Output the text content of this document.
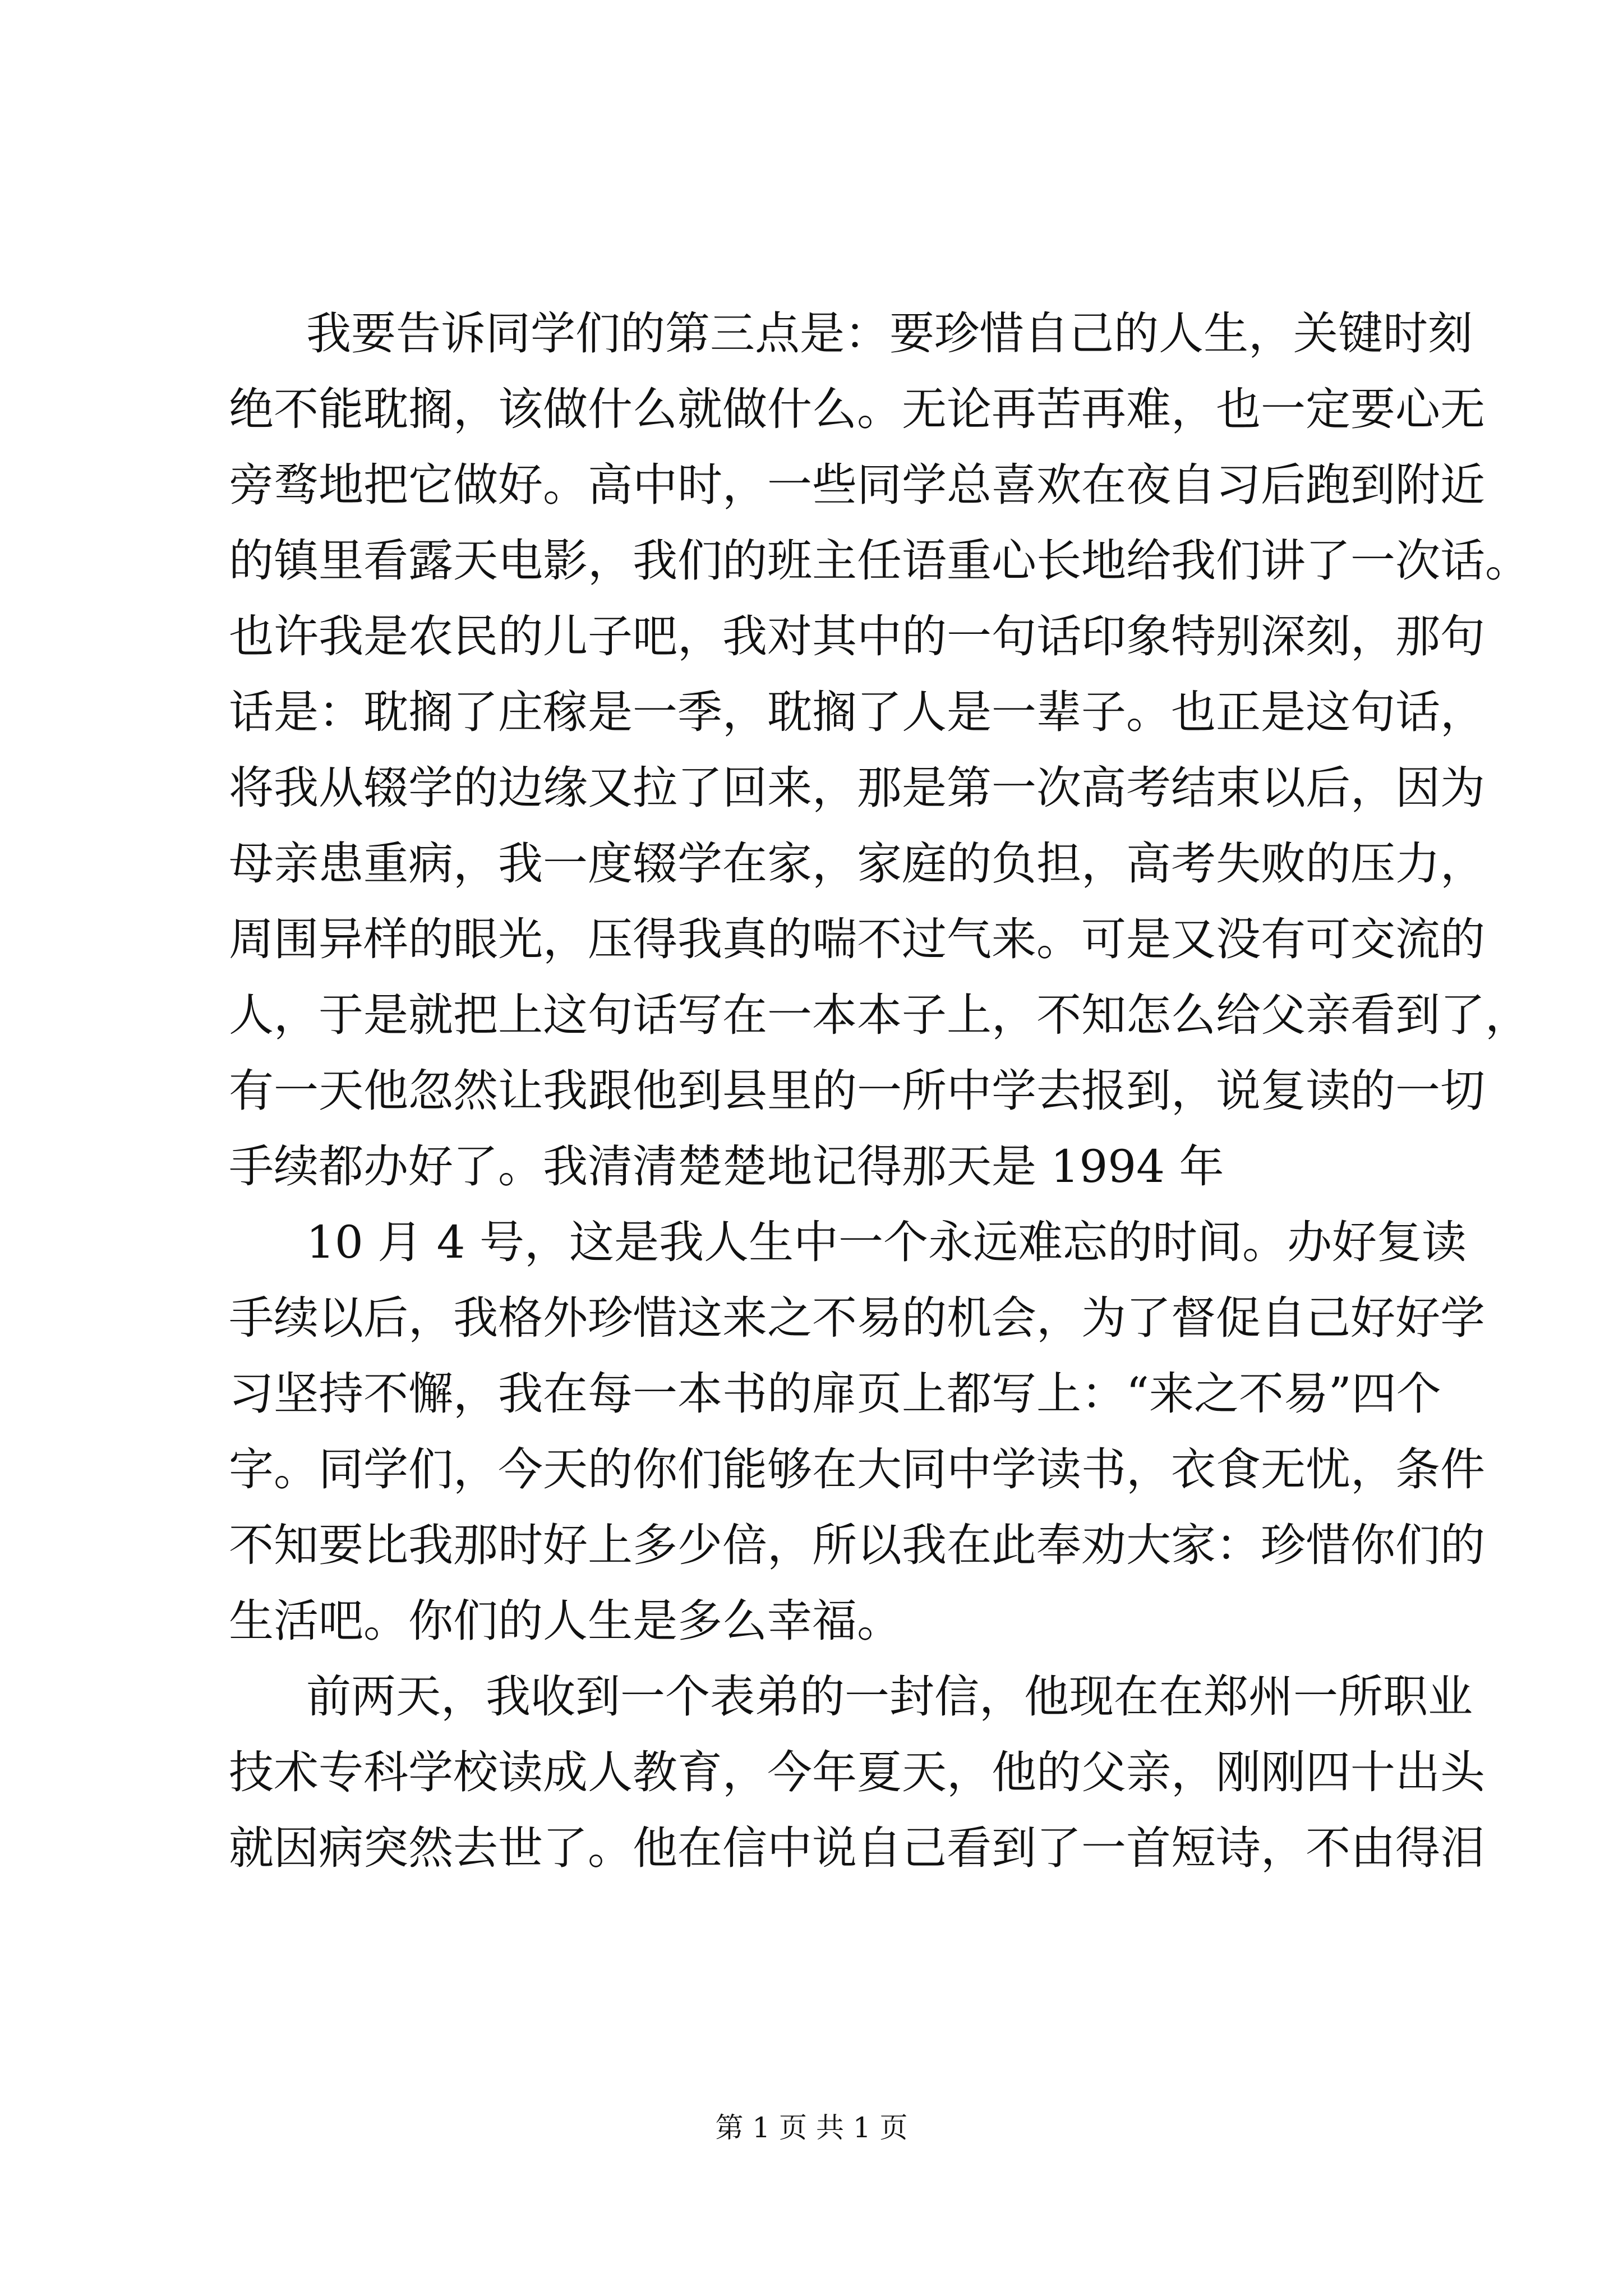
我要告诉同学们的第三点是：要珍惜自己的人生，关键时刻
绝不能耽搁，该做什么就做什么。无论再苦再难，也一定要心无
旁骛地把它做好。高中时，一些同学总喜欢在夜自习后跑到附近
的镇里看露天电影，我们的班主任语重心长地给我们讲了一次话。
也许我是农民的儿子吧，我对其中的一句话印象特别深刻，那句
话是：耽搁了庄稼是一季，耽搁了人是一辈子。也正是这句话，
将我从辍学的边缘又拉了回来，那是第一次高考结束以后，因为
母亲患重病，我一度辍学在家，家庭的负担，高考失败的压力，
周围异样的眼光，压得我真的喘不过气来。可是又没有可交流的
人，于是就把上这句话写在一本本子上，不知怎么给父亲看到了，
有一天他忽然让我跟他到县里的一所中学去报到，说复读的一切
手续都办好了。我清清楚楚地记得那天是 1994 年
10 月 4 号，这是我人生中一个永远难忘的时间。办好复读
手续以后，我格外珍惜这来之不易的机会，为了督促自己好好学
习坚持不懈，我在每一本书的扉页上都写上：“来之不易”四个
字。同学们，今天的你们能够在大同中学读书，衣食无忧，条件
不知要比我那时好上多少倍，所以我在此奉劝大家：珍惜你们的
生活吧。你们的人生是多么幸福。
前两天，我收到一个表弟的一封信，他现在在郑州一所职业
技术专科学校读成人教育，今年夏天，他的父亲，刚刚四十出头
就因病突然去世了。他在信中说自己看到了一首短诗，不由得泪
第 1 页 共 1 页
